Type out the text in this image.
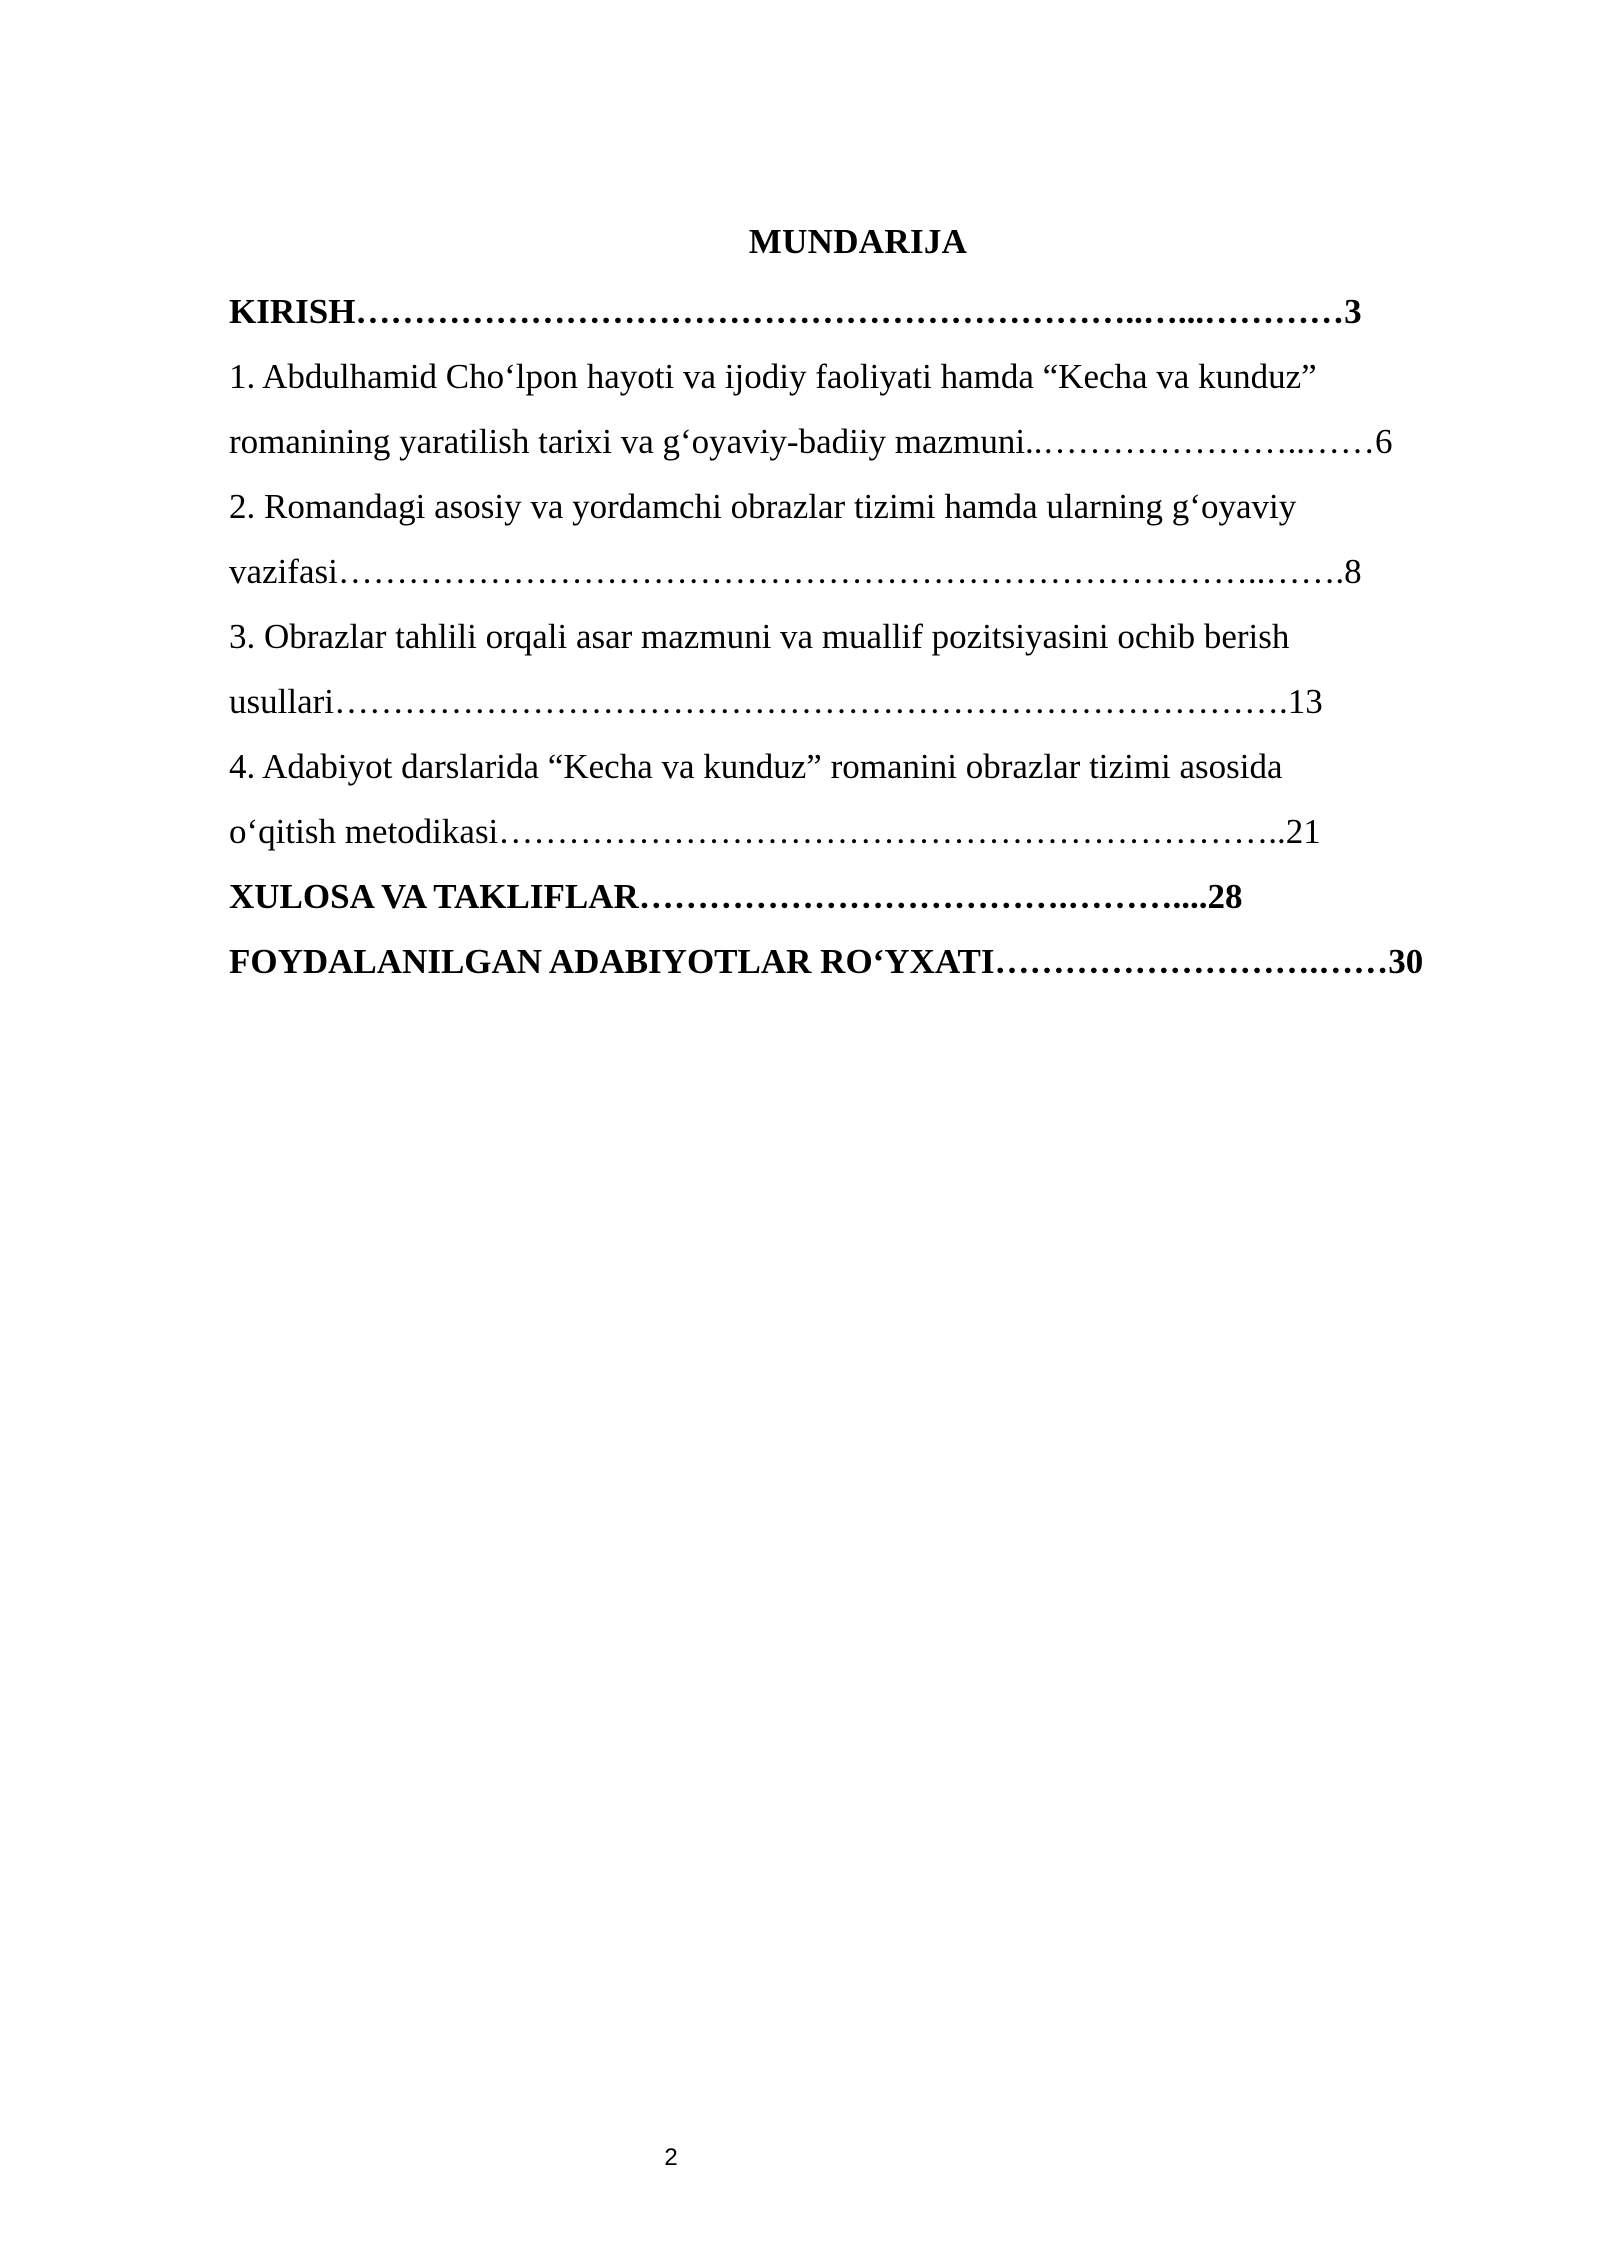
MUNDARIJA
KIRISH…………………………………………………………..…...…………3
1. Abdulhamid Cho‘lpon hayoti va ijodiy faoliyati hamda “Kecha va kunduz”
romanining yaratilish tarixi va g‘oyaviy-badiiy mazmuni..…………………..……6
2. Romandagi asosiy va yordamchi obrazlar tizimi hamda ularning g‘oyaviy
vazifasi……………………………………………………………………..…….8
3. Obrazlar tahlili orqali asar mazmuni va muallif pozitsiyasini ochib berish
usullari……………………………………………………………………….13
4. Adabiyot darslarida “Kecha va kunduz” romanini obrazlar tizimi asosida
o‘qitish metodikasi…………………………………………………………..21
XULOSA VA TAKLIFLAR……………………………….………....28
FOYDALANILGAN ADABIYOTLAR RO‘YXATI……………………….……30
2
